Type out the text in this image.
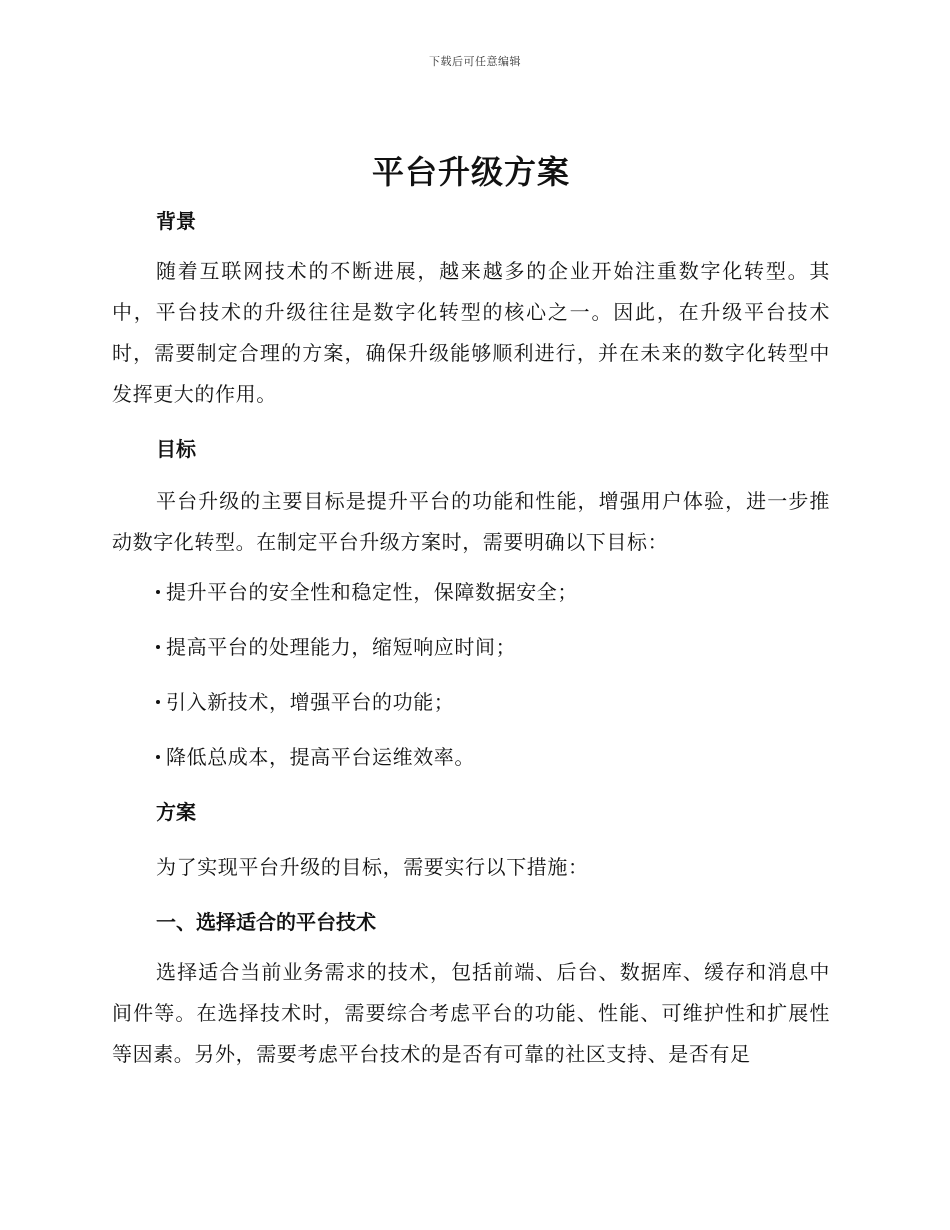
下载后可任意编辑
平台升级方案
背景

随着互联网技术的不断进展，越来越多的企业开始注重数字化转型。其中，平台技术的升级往往是数字化转型的核心之一。因此，在升级平台技术时，需要制定合理的方案，确保升级能够顺利进行，并在未来的数字化转型中发挥更大的作用。

目标

平台升级的主要目标是提升平台的功能和性能，增强用户体验，进一步推动数字化转型。在制定平台升级方案时，需要明确以下目标：

提升平台的安全性和稳定性，保障数据安全；
提高平台的处理能力，缩短响应时间；
引入新技术，增强平台的功能；
降低总成本，提高平台运维效率。
方案
为了实现平台升级的目标，需要实行以下措施：
一、选择适合的平台技术

选择适合当前业务需求的技术，包括前端、后台、数据库、缓存和消息中间件等。在选择技术时，需要综合考虑平台的功能、性能、可维护性和扩展性等因素。另外，需要考虑平台技术的是否有可靠的社区支持、是否有足
